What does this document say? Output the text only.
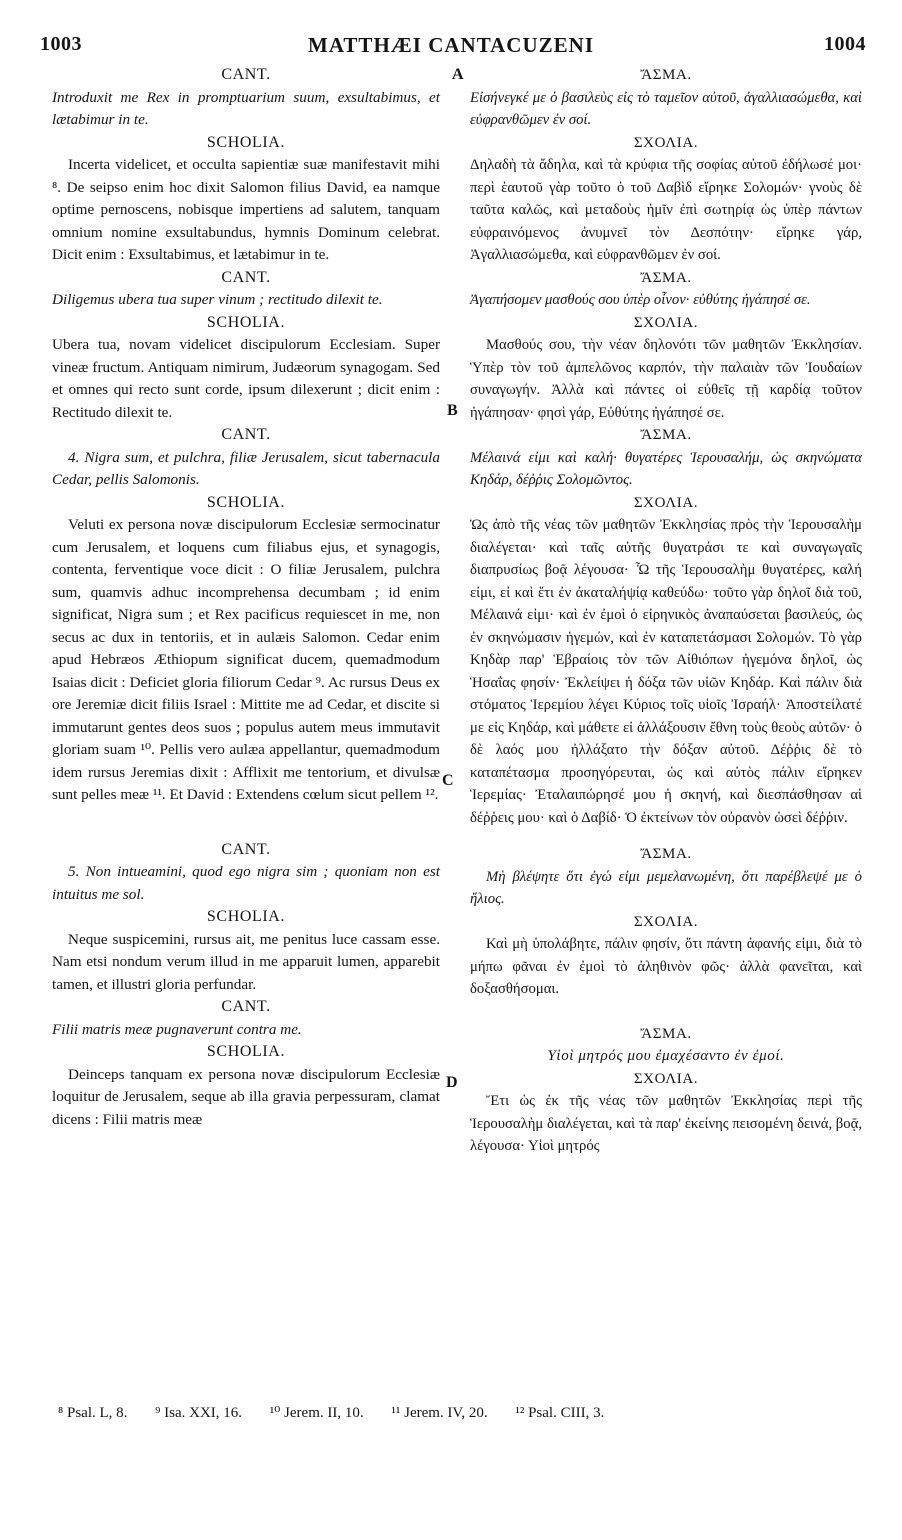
1003	MATTHÆI CANTACUZENI	1004
A
B
C
D
CANT.
Introduxit me Rex in promptuarium suum, exsultabimus, et lætabimur in te.
SCHOLIA.
Incerta videlicet, et occulta sapientiæ suæ manifestavit mihi ⁸. De seipso enim hoc dixit Salomon filius David, ea namque optime pernoscens, nobisque impertiens ad salutem, tanquam omnium nomine exsultabundus, hymnis Dominum celebrat. Dicit enim : Exsultabimus, et lætabimur in te.
CANT.
Diligemus ubera tua super vinum ; rectitudo dilexit te.
SCHOLIA.
Ubera tua, novam videlicet discipulorum Ecclesiam. Super vineæ fructum. Antiquam nimirum, Judæorum synagogam. Sed et omnes qui recto sunt corde, ipsum dilexerunt ; dicit enim : Rectitudo dilexit te.
CANT.
4. Nigra sum, et pulchra, filiæ Jerusalem, sicut tabernacula Cedar, pellis Salomonis.
SCHOLIA.
Veluti ex persona novæ discipulorum Ecclesiæ sermocinatur cum Jerusalem, et loquens cum filiabus ejus, et synagogis, contenta, ferventique voce dicit : O filiæ Jerusalem, pulchra sum, quamvis adhuc incomprehensa decumbam ; id enim significat, Nigra sum ; et Rex pacificus requiescet in me, non secus ac dux in tentoriis, et in aulæis Salomon. Cedar enim apud Hebræos Æthiopum significat ducem, quemadmodum Isaias dicit : Deficiet gloria filiorum Cedar ⁹. Ac rursus Deus ex ore Jeremiæ dicit filiis Israel : Mittite me ad Cedar, et discite si immutarunt gentes deos suos ; populus autem meus immutavit gloriam suam ¹⁰. Pellis vero aulæa appellantur, quemadmodum idem rursus Jeremias dixit : Afflixit me tentorium, et divulsæ sunt pelles meæ ¹¹. Et David : Extendens cœlum sicut pellem ¹².
CANT.
5. Non intueamini, quod ego nigra sim ; quoniam non est intuitus me sol.
SCHOLIA.
Neque suspicemini, rursus ait, me penitus luce cassam esse. Nam etsi nondum verum illud in me apparuit lumen, apparebit tamen, et illustri gloria perfundar.
CANT.
Filii matris meæ pugnaverunt contra me.
SCHOLIA.
Deinceps tanquam ex persona novæ discipulorum Ecclesiæ loquitur de Jerusalem, seque ab illa gravia perpessuram, clamat dicens : Filii matris meæ
ἌΣΜΑ.
Εἰσήνεγκέ με ὁ βασιλεὺς εἰς τὸ ταμεῖον αὐτοῦ, ἀγαλλιασώμεθα, καὶ εὐφρανθῶμεν ἐν σοί.
ΣΧΟΛΙΑ.
Δηλαδὴ τὰ ἄδηλα, καὶ τὰ κρύφια τῆς σοφίας αὐτοῦ ἐδήλωσέ μοι· περὶ ἑαυτοῦ γὰρ τοῦτο ὁ τοῦ Δαβὶδ εἴρηκε Σολομών· γνοὺς δὲ ταῦτα καλῶς, καὶ μεταδοὺς ἡμῖν ἐπὶ σωτηρίᾳ ὡς ὑπὲρ πάντων εὐφραινόμενος ἀνυμνεῖ τὸν Δεσπότην· εἴρηκε γάρ, Ἀγαλλιασώμεθα, καὶ εὐφρανθῶμεν ἐν σοί.
ἌΣΜΑ.
Ἀγαπήσομεν μασθούς σου ὑπὲρ οἶνον· εὐθύτης ἠγάπησέ σε.
ΣΧΟΛΙΑ.
Μασθούς σου, τὴν νέαν δηλονότι τῶν μαθητῶν Ἐκκλησίαν. Ὑπὲρ τὸν τοῦ ἀμπελῶνος καρπόν, τὴν παλαιὰν τῶν Ἰουδαίων συναγωγήν. Ἀλλὰ καὶ πάντες οἱ εὐθεῖς τῇ καρδίᾳ τοῦτον ἠγάπησαν· φησὶ γάρ, Εὐθύτης ἠγάπησέ σε.
ἌΣΜΑ.
Μέλαινά εἰμι καὶ καλή· θυγατέρες Ἱερουσαλήμ, ὡς σκηνώματα Κηδάρ, δέῤῥις Σολομῶντος.
ΣΧΟΛΙΑ.
Ὡς ἀπὸ τῆς νέας τῶν μαθητῶν Ἐκκλησίας πρὸς τὴν Ἱερουσαλὴμ διαλέγεται· καὶ ταῖς αὐτῆς θυγατράσι τε καὶ συναγωγαῖς διαπρυσίως βοᾷ λέγουσα· Ὦ τῆς Ἱερουσαλὴμ θυγατέρες, καλή εἰμι, εἰ καὶ ἔτι ἐν ἀκαταλήψίᾳ καθεύδω· τοῦτο γὰρ δηλοῖ διὰ τοῦ, Μέλαινά εἰμι· καὶ ἐν ἐμοὶ ὁ εἰρηνικὸς ἀναπαύσεται βασιλεύς, ὡς ἐν σκηνώμασιν ἡγεμών, καὶ ἐν καταπετάσμασι Σολομών. Τὸ γὰρ Κηδὰρ παρ' Ἑβραίοις τὸν τῶν Αἰθιόπων ἡγεμόνα δηλοῖ, ὡς Ἡσαΐας φησίν· Ἐκλείψει ἡ δόξα τῶν υἱῶν Κηδάρ. Καὶ πάλιν διὰ στόματος Ἱερεμίου λέγει Κύριος τοῖς υἱοῖς Ἰσραήλ· Ἀποστείλατέ με εἰς Κηδάρ, καὶ μάθετε εἰ ἀλλάξουσιν ἔθνη τοὺς θεοὺς αὐτῶν· ὁ δὲ λαός μου ἠλλάξατο τὴν δόξαν αὐτοῦ. Δέῤῥις δὲ τὸ καταπέτασμα προσηγόρευται, ὡς καὶ αὐτὸς πάλιν εἴρηκεν Ἱερεμίας· Ἐταλαιπώρησέ μου ἡ σκηνή, καὶ διεσπάσθησαν αἱ δέῤῥεις μου· καὶ ὁ Δαβίδ· Ὁ ἐκτείνων τὸν οὐρανὸν ὡσεὶ δέῤῥιν.
ἌΣΜΑ.
Μὴ βλέψητε ὅτι ἐγώ εἰμι μεμελανωμένη, ὅτι παρέβλεψέ με ὁ ἥλιος.
ΣΧΟΛΙΑ.
Καὶ μὴ ὑπολάβητε, πάλιν φησίν, ὅτι πάντη ἀφανής εἰμι, διὰ τὸ μήπω φᾶναι ἐν ἐμοὶ τὸ ἀληθινὸν φῶς· ἀλλὰ φανεῖται, καὶ δοξασθήσομαι.
ἌΣΜΑ.
Υἱοὶ μητρός μου ἐμαχέσαντο ἐν ἐμοί.
ΣΧΟΛΙΑ.
Ἔτι ὡς ἐκ τῆς νέας τῶν μαθητῶν Ἐκκλησίας περὶ τῆς Ἱερουσαλὴμ διαλέγεται, καὶ τὰ παρ' ἐκείνης πεισομένη δεινά, βοᾷ, λέγουσα· Υἱοὶ μητρός
⁸ Psal. L, 8. ⁹ Isa. XXI, 16. ¹⁰ Jerem. II, 10. ¹¹ Jerem. IV, 20. ¹² Psal. CIII, 3.
